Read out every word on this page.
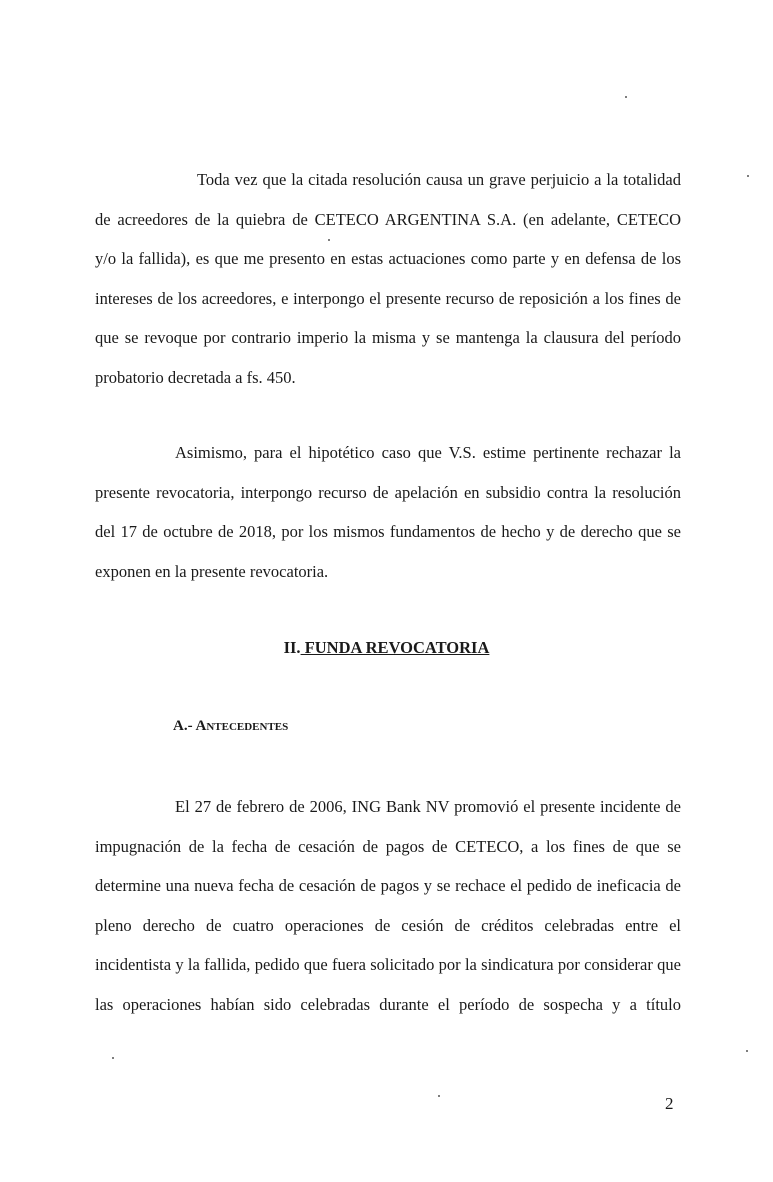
Toda vez que la citada resolución causa un grave perjuicio a la totalidad
de acreedores de la quiebra de CETECO ARGENTINA S.A. (en adelante, CETECO
y/o la fallida), es que me presento en estas actuaciones como parte y en defensa de los
intereses de los acreedores, e interpongo el presente recurso de reposición a los fines de
que se revoque por contrario imperio la misma y se mantenga la clausura del período
probatorio decretada a fs. 450.
Asimismo, para el hipotético caso que V.S. estime pertinente rechazar la
presente revocatoria, interpongo recurso de apelación en subsidio contra la resolución
del 17 de octubre de 2018, por los mismos fundamentos de hecho y de derecho que se
exponen en la presente revocatoria.
II. FUNDA REVOCATORIA
A.- Antecedentes
El 27 de febrero de 2006, ING Bank NV promovió el presente incidente de
impugnación de la fecha de cesación de pagos de CETECO, a los fines de que se
determine una nueva fecha de cesación de pagos y se rechace el pedido de ineficacia de
pleno derecho de cuatro operaciones de cesión de créditos celebradas entre el
incidentista y la fallida, pedido que fuera solicitado por la sindicatura por considerar que
las operaciones habían sido celebradas durante el período de sospecha y a título
2
